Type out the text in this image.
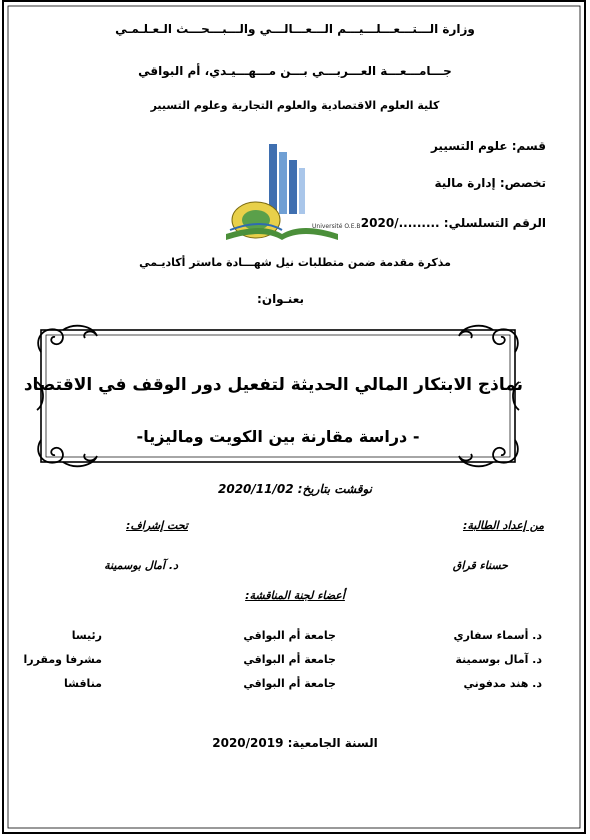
وزارة الـــتـــعـــلـــيـــم الـــعـــالـــي والـــبـــحـــث الـعـلـمـي
جـــامـــعـــة العـــربـــي بـــن مـــهـــيـدي، أم البواقي
كلية العلوم الاقتصادية والعلوم التجارية وعلوم التسيير
قسم: علوم التسيير
تخصص: إدارة مالية
الرقم التسلسلي: ........./2020
Université O.E.B
مذكرة مقدمة ضمن متطلبات نيل شهـــادة ماستر أكاديـمي
بعنـوان:
نماذج الابتكار المالي الحديثة لتفعيل دور الوقف في الاقتصاد
- دراسة مقارنة بين الكويت وماليزيا-
نوقشت بتاريخ: 2020/11/02
من إعداد الطالبة:
تحت إشراف:
حسناء قراق
د. آمال بوسمينة
أعضاء لجنة المناقشة:
د. أسماء سفاري
جامعة أم البواقي
رئيسا
د. آمال بوسمينة
جامعة أم البواقي
مشرفا ومقررا
د. هند مدفوني
جامعة أم البواقي
مناقشا
السنة الجامعية: 2020/2019
